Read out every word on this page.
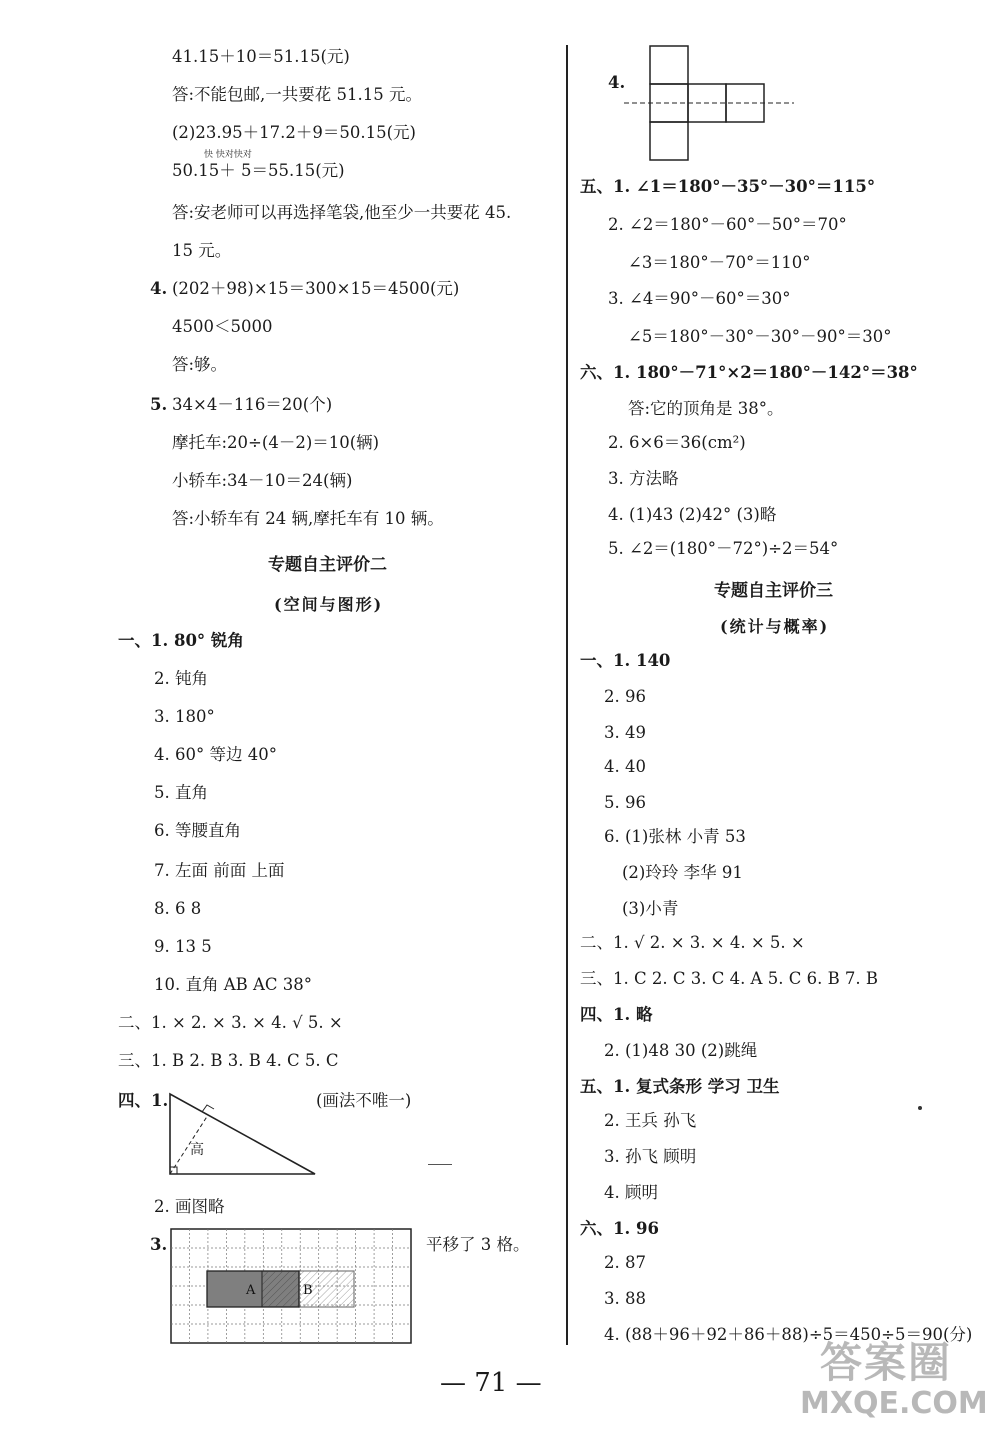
41.15＋10＝51.15(元)
答:不能包邮,一共要花 51.15 元。
(2)23.95＋17.2＋9＝50.15(元)
快 快对快对
50.15＋ 5＝55.15(元)
答:安老师可以再选择笔袋,他至少一共要花 45.
15 元。
4. (202＋98)×15＝300×15＝4500(元)
4500＜5000
答:够。
5. 34×4－116＝20(个)
摩托车:20÷(4－2)＝10(辆)
小轿车:34－10＝24(辆)
答:小轿车有 24 辆,摩托车有 10 辆。
专题自主评价二
(空间与图形)
一、1. 80° 锐角
2. 钝角
3. 180°
4. 60° 等边 40°
5. 直角
6. 等腰直角
7. 左面 前面 上面
8. 6 8
9. 13 5
10. 直角 AB AC 38°
二、1. × 2. × 3. × 4. √ 5. ×
三、1. B 2. B 3. B 4. C 5. C
四、1.	(画法不唯一)
高
2. 画图略
3.
A	B
平移了 3 格。
4.
五、1. ∠1＝180°－35°－30°＝115°
2. ∠2＝180°－60°－50°＝70°
∠3＝180°－70°＝110°
3. ∠4＝90°－60°＝30°
∠5＝180°－30°－30°－90°＝30°
六、1. 180°－71°×2＝180°－142°＝38°
答:它的顶角是 38°。
2. 6×6＝36(cm²)
3. 方法略
4. (1)43 (2)42° (3)略
5. ∠2＝(180°－72°)÷2＝54°
专题自主评价三
(统计与概率)
一、1. 140
2. 96
3. 49
4. 40
5. 96
6. (1)张林 小青 53
(2)玲玲 李华 91
(3)小青
二、1. √ 2. × 3. × 4. × 5. ×
三、1. C 2. C 3. C 4. A 5. C 6. B 7. B
四、1. 略
2. (1)48 30 (2)跳绳
五、1. 复式条形 学习 卫生
2. 王兵 孙飞
3. 孙飞 顾明
4. 顾明
六、1. 96
2. 87
3. 88
4. (88＋96＋92＋86＋88)÷5＝450÷5＝90(分)
— 71 —	答案圈
MXQE.COM
